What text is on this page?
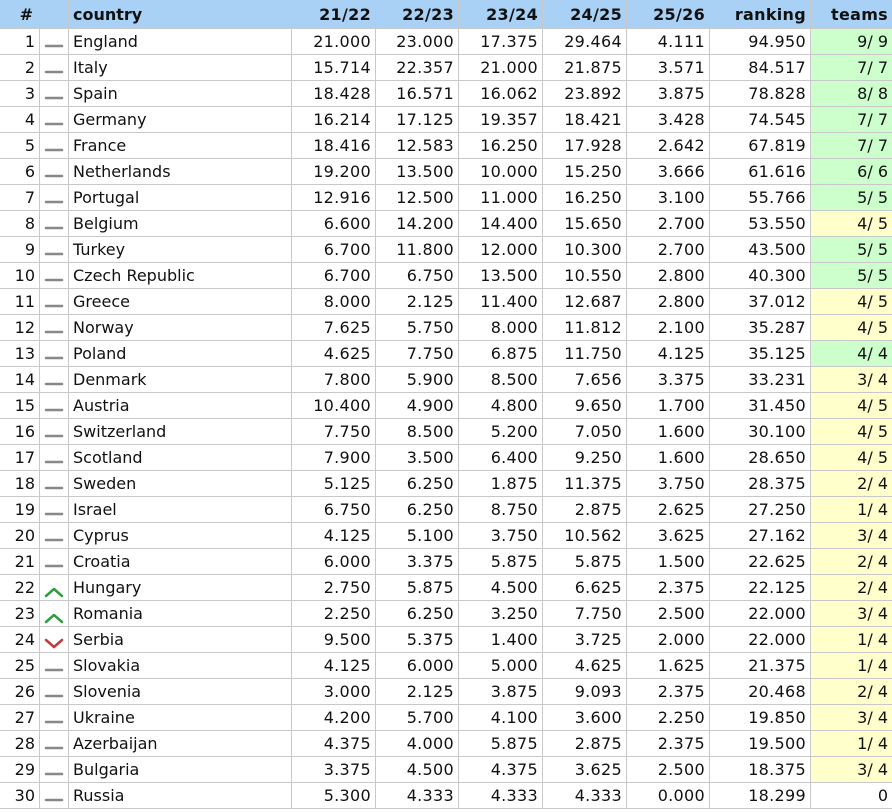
#		country	21/22	22/23	23/24	24/25	25/26	ranking	teams
1		England	21.000	23.000	17.375	29.464	4.111	94.950	9/ 9
2		Italy	15.714	22.357	21.000	21.875	3.571	84.517	7/ 7
3		Spain	18.428	16.571	16.062	23.892	3.875	78.828	8/ 8
4		Germany	16.214	17.125	19.357	18.421	3.428	74.545	7/ 7
5		France	18.416	12.583	16.250	17.928	2.642	67.819	7/ 7
6		Netherlands	19.200	13.500	10.000	15.250	3.666	61.616	6/ 6
7		Portugal	12.916	12.500	11.000	16.250	3.100	55.766	5/ 5
8		Belgium	6.600	14.200	14.400	15.650	2.700	53.550	4/ 5
9		Turkey	6.700	11.800	12.000	10.300	2.700	43.500	5/ 5
10		Czech Republic	6.700	6.750	13.500	10.550	2.800	40.300	5/ 5
11		Greece	8.000	2.125	11.400	12.687	2.800	37.012	4/ 5
12		Norway	7.625	5.750	8.000	11.812	2.100	35.287	4/ 5
13		Poland	4.625	7.750	6.875	11.750	4.125	35.125	4/ 4
14		Denmark	7.800	5.900	8.500	7.656	3.375	33.231	3/ 4
15		Austria	10.400	4.900	4.800	9.650	1.700	31.450	4/ 5
16		Switzerland	7.750	8.500	5.200	7.050	1.600	30.100	4/ 5
17		Scotland	7.900	3.500	6.400	9.250	1.600	28.650	4/ 5
18		Sweden	5.125	6.250	1.875	11.375	3.750	28.375	2/ 4
19		Israel	6.750	6.250	8.750	2.875	2.625	27.250	1/ 4
20		Cyprus	4.125	5.100	3.750	10.562	3.625	27.162	3/ 4
21		Croatia	6.000	3.375	5.875	5.875	1.500	22.625	2/ 4
22		Hungary	2.750	5.875	4.500	6.625	2.375	22.125	2/ 4
23		Romania	2.250	6.250	3.250	7.750	2.500	22.000	3/ 4
24		Serbia	9.500	5.375	1.400	3.725	2.000	22.000	1/ 4
25		Slovakia	4.125	6.000	5.000	4.625	1.625	21.375	1/ 4
26		Slovenia	3.000	2.125	3.875	9.093	2.375	20.468	2/ 4
27		Ukraine	4.200	5.700	4.100	3.600	2.250	19.850	3/ 4
28		Azerbaijan	4.375	4.000	5.875	2.875	2.375	19.500	1/ 4
29		Bulgaria	3.375	4.500	4.375	3.625	2.500	18.375	3/ 4
30		Russia	5.300	4.333	4.333	4.333	0.000	18.299	0
